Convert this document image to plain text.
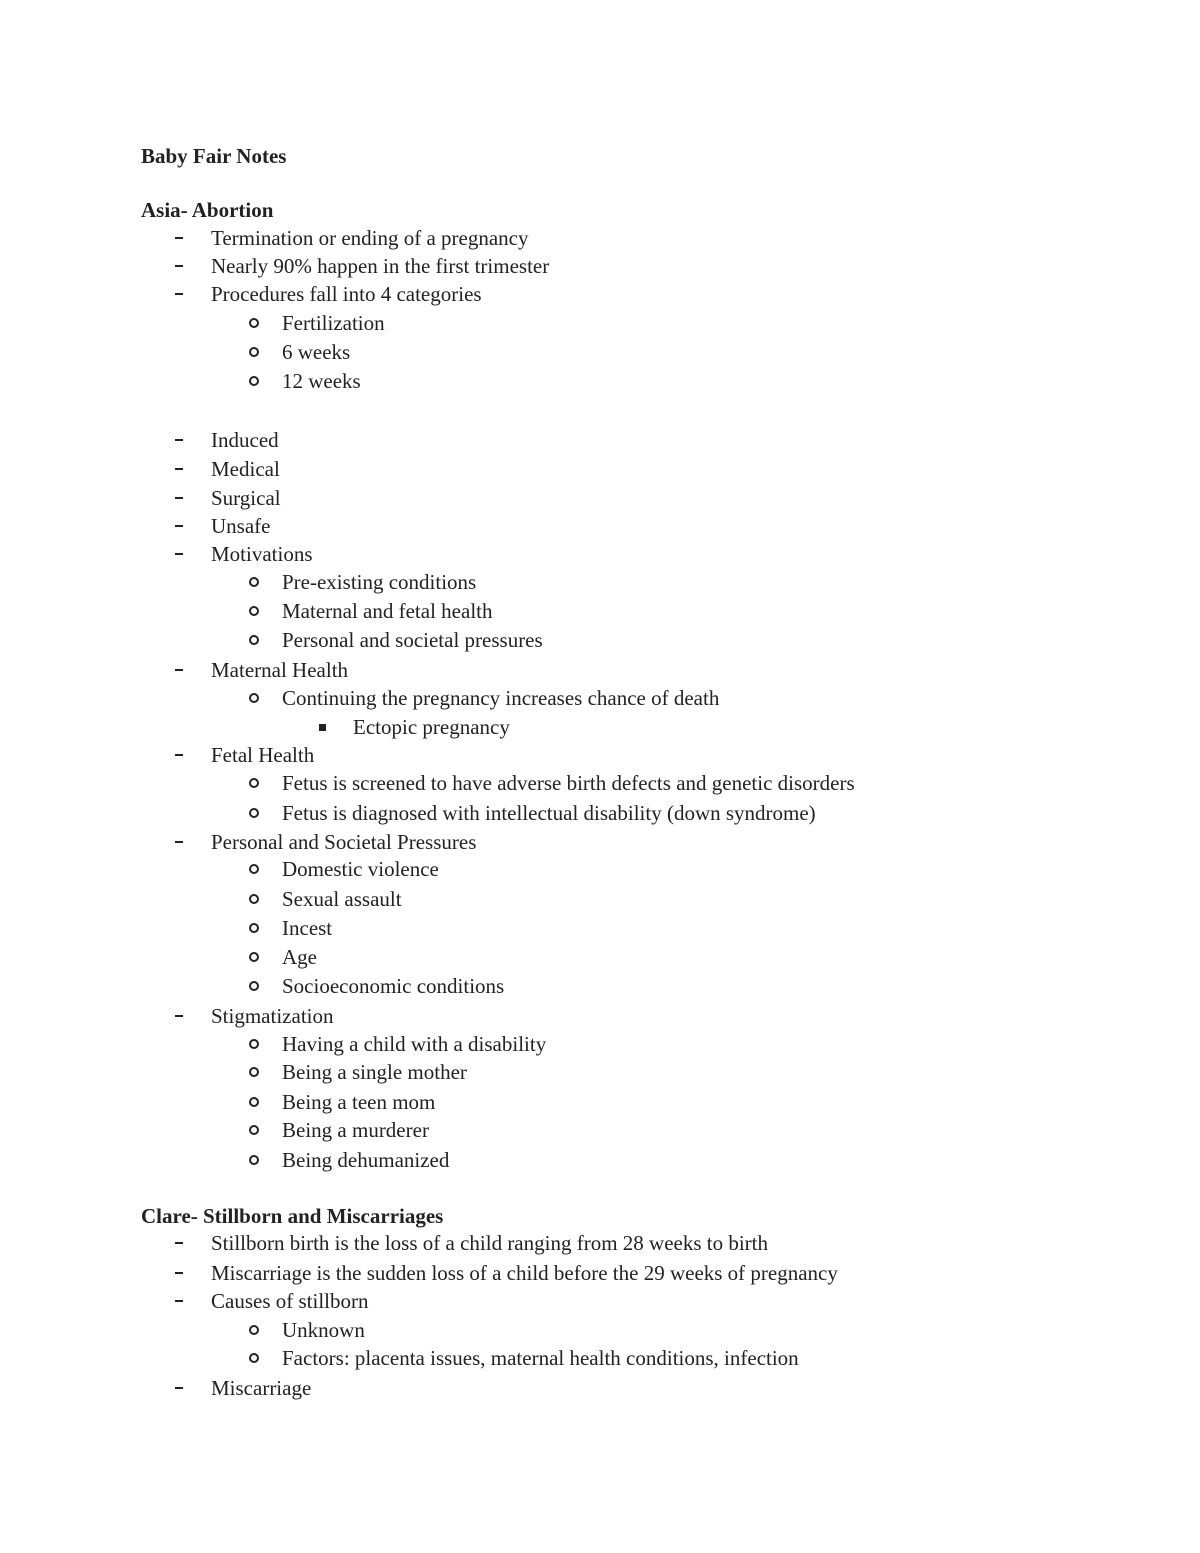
Baby Fair Notes
Asia- Abortion
Termination or ending of a pregnancy
Nearly 90% happen in the first trimester
Procedures fall into 4 categories
Fertilization
6 weeks
12 weeks
Induced
Medical
Surgical
Unsafe
Motivations
Pre-existing conditions
Maternal and fetal health
Personal and societal pressures
Maternal Health
Continuing the pregnancy increases chance of death
Ectopic pregnancy
Fetal Health
Fetus is screened to have adverse birth defects and genetic disorders
Fetus is diagnosed with intellectual disability (down syndrome)
Personal and Societal Pressures
Domestic violence
Sexual assault
Incest
Age
Socioeconomic conditions
Stigmatization
Having a child with a disability
Being a single mother
Being a teen mom
Being a murderer
Being dehumanized
Clare- Stillborn and Miscarriages
Stillborn birth is the loss of a child ranging from 28 weeks to birth
Miscarriage is the sudden loss of a child before the 29 weeks of pregnancy
Causes of stillborn
Unknown
Factors: placenta issues, maternal health conditions, infection
Miscarriage
